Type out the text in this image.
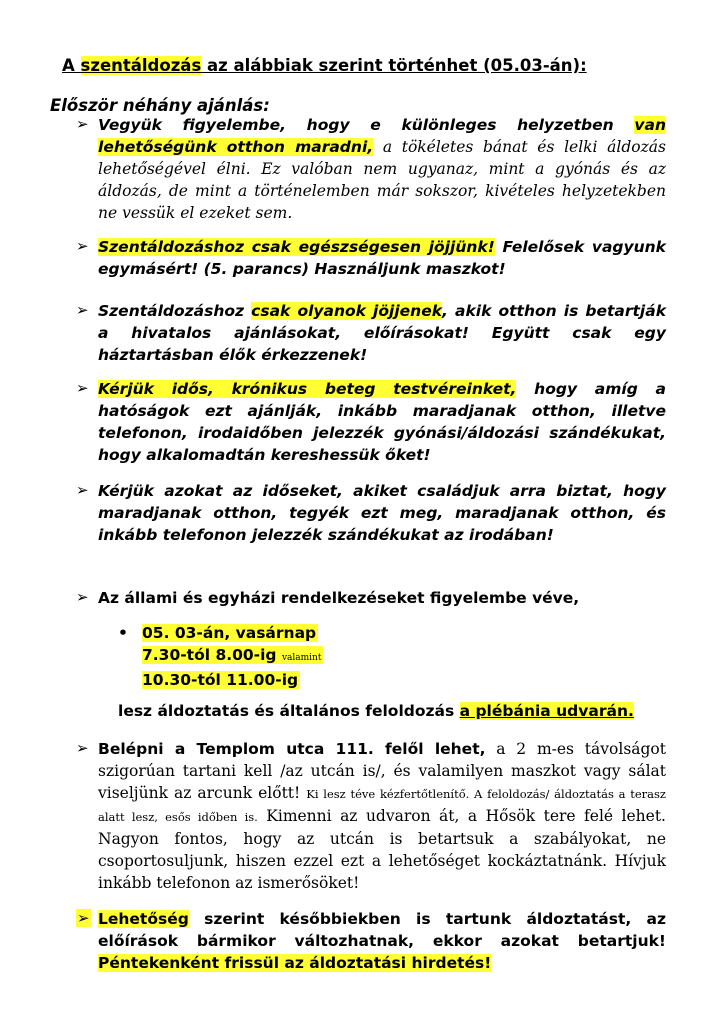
A szentáldozás az alábbiak szerint történhet (05.03-án):
Először néhány ajánlás:
➢ Vegyük figyelembe, hogy e különleges helyzetben van lehetőségünk otthon maradni, a tökéletes bánat és lelki áldozás lehetőségével élni. Ez valóban nem ugyanaz, mint a gyónás és az áldozás, de mint a történelemben már sokszor, kivételes helyzetekben ne vessük el ezeket sem.
➢ Szentáldozáshoz csak egészségesen jöjjünk! Felelősek vagyunk egymásért! (5. parancs) Használjunk maszkot!
➢ Szentáldozáshoz csak olyanok jöjjenek, akik otthon is betartják a hivatalos ajánlásokat, előírásokat! Együtt csak egy háztartásban élők érkezzenek!
➢ Kérjük idős, krónikus beteg testvéreinket, hogy amíg a hatóságok ezt ajánlják, inkább maradjanak otthon, illetve telefonon, irodaidőben jelezzék gyónási/áldozási szándékukat, hogy alkalomadtán kereshessük őket!
➢ Kérjük azokat az időseket, akiket családjuk arra biztat, hogy maradjanak otthon, tegyék ezt meg, maradjanak otthon, és inkább telefonon jelezzék szándékukat az irodában!
➢ Az állami és egyházi rendelkezéseket figyelembe véve,
• 05. 03-án, vasárnap
7.30-tól 8.00-ig valamint
10.30-tól 11.00-ig
lesz áldoztatás és általános feloldozás a plébánia udvarán.
➢ Belépni a Templom utca 111. felől lehet, a 2 m-es távolságot szigorúan tartani kell /az utcán is/, és valamilyen maszkot vagy sálat viseljünk az arcunk előtt! Ki lesz téve kézfertőtlenítő. A feloldozás/ áldoztatás a terasz alatt lesz, esős időben is. Kimenni az udvaron át, a Hősök tere felé lehet. Nagyon fontos, hogy az utcán is betartsuk a szabályokat, ne csoportosuljunk, hiszen ezzel ezt a lehetőséget kockáztatnánk. Hívjuk inkább telefonon az ismerősöket!
➢ Lehetőség szerint későbbiekben is tartunk áldoztatást, az előírások bármikor változhatnak, ekkor azokat betartjuk! Péntekenként frissül az áldoztatási hirdetés!
